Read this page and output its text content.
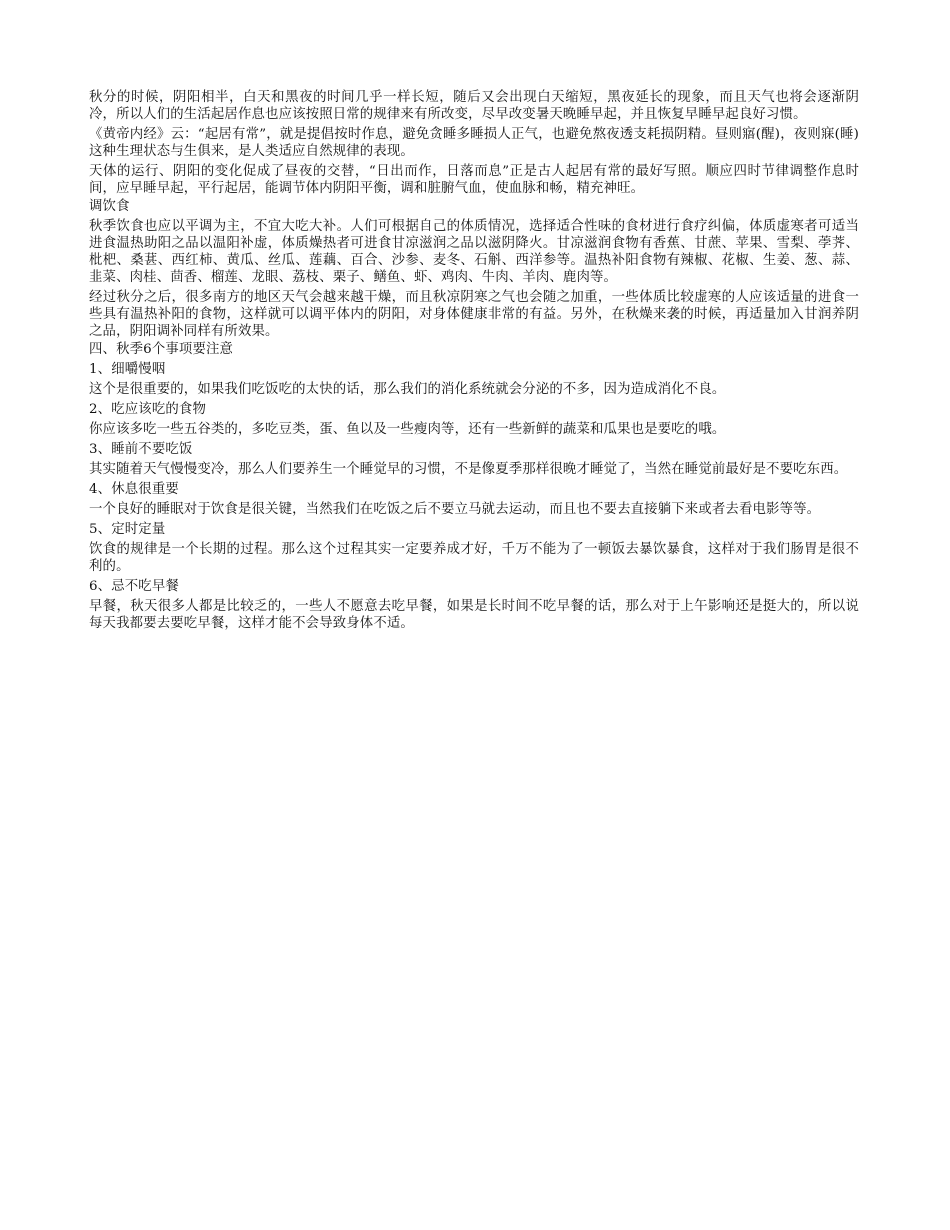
秋分的时候，阴阳相半，白天和黑夜的时间几乎一样长短，随后又会出现白天缩短，黑夜延长的现象，而且天气也将会逐渐阴冷，所以人们的生活起居作息也应该按照日常的规律来有所改变，尽早改变暑天晚睡早起，并且恢复早睡早起良好习惯。

《黄帝内经》云：“起居有常”，就是提倡按时作息，避免贪睡多睡损人正气，也避免熬夜透支耗损阴精。昼则寤(醒)，夜则寐(睡)这种生理状态与生俱来，是人类适应自然规律的表现。

天体的运行、阴阳的变化促成了昼夜的交替，“日出而作，日落而息”正是古人起居有常的最好写照。顺应四时节律调整作息时间，应早睡早起，平行起居，能调节体内阴阳平衡，调和脏腑气血，使血脉和畅，精充神旺。

调饮食

秋季饮食也应以平调为主，不宜大吃大补。人们可根据自己的体质情况，选择适合性味的食材进行食疗纠偏，体质虚寒者可适当进食温热助阳之品以温阳补虚，体质燥热者可进食甘凉滋润之品以滋阴降火。甘凉滋润食物有香蕉、甘蔗、苹果、雪梨、荸荠、枇杷、桑葚、西红柿、黄瓜、丝瓜、莲藕、百合、沙参、麦冬、石斛、西洋参等。温热补阳食物有辣椒、花椒、生姜、葱、蒜、韭菜、肉桂、茴香、榴莲、龙眼、荔枝、栗子、鳝鱼、虾、鸡肉、牛肉、羊肉、鹿肉等。

经过秋分之后，很多南方的地区天气会越来越干燥，而且秋凉阴寒之气也会随之加重，一些体质比较虚寒的人应该适量的进食一些具有温热补阳的食物，这样就可以调平体内的阴阳，对身体健康非常的有益。另外，在秋燥来袭的时候，再适量加入甘润养阴之品，阴阳调补同样有所效果。

四、秋季6个事项要注意
1、细嚼慢咽

这个是很重要的，如果我们吃饭吃的太快的话，那么我们的消化系统就会分泌的不多，因为造成消化不良。

2、吃应该吃的食物

你应该多吃一些五谷类的，多吃豆类，蛋、鱼以及一些瘦肉等，还有一些新鲜的蔬菜和瓜果也是要吃的哦。

3、睡前不要吃饭

其实随着天气慢慢变冷，那么人们要养生一个睡觉早的习惯，不是像夏季那样很晚才睡觉了，当然在睡觉前最好是不要吃东西。

4、休息很重要

一个良好的睡眠对于饮食是很关键，当然我们在吃饭之后不要立马就去运动，而且也不要去直接躺下来或者去看电影等等。

5、定时定量

饮食的规律是一个长期的过程。那么这个过程其实一定要养成才好，千万不能为了一顿饭去暴饮暴食，这样对于我们肠胃是很不利的。

6、忌不吃早餐

早餐，秋天很多人都是比较乏的，一些人不愿意去吃早餐，如果是长时间不吃早餐的话，那么对于上午影响还是挺大的，所以说每天我都要去要吃早餐，这样才能不会导致身体不适。
